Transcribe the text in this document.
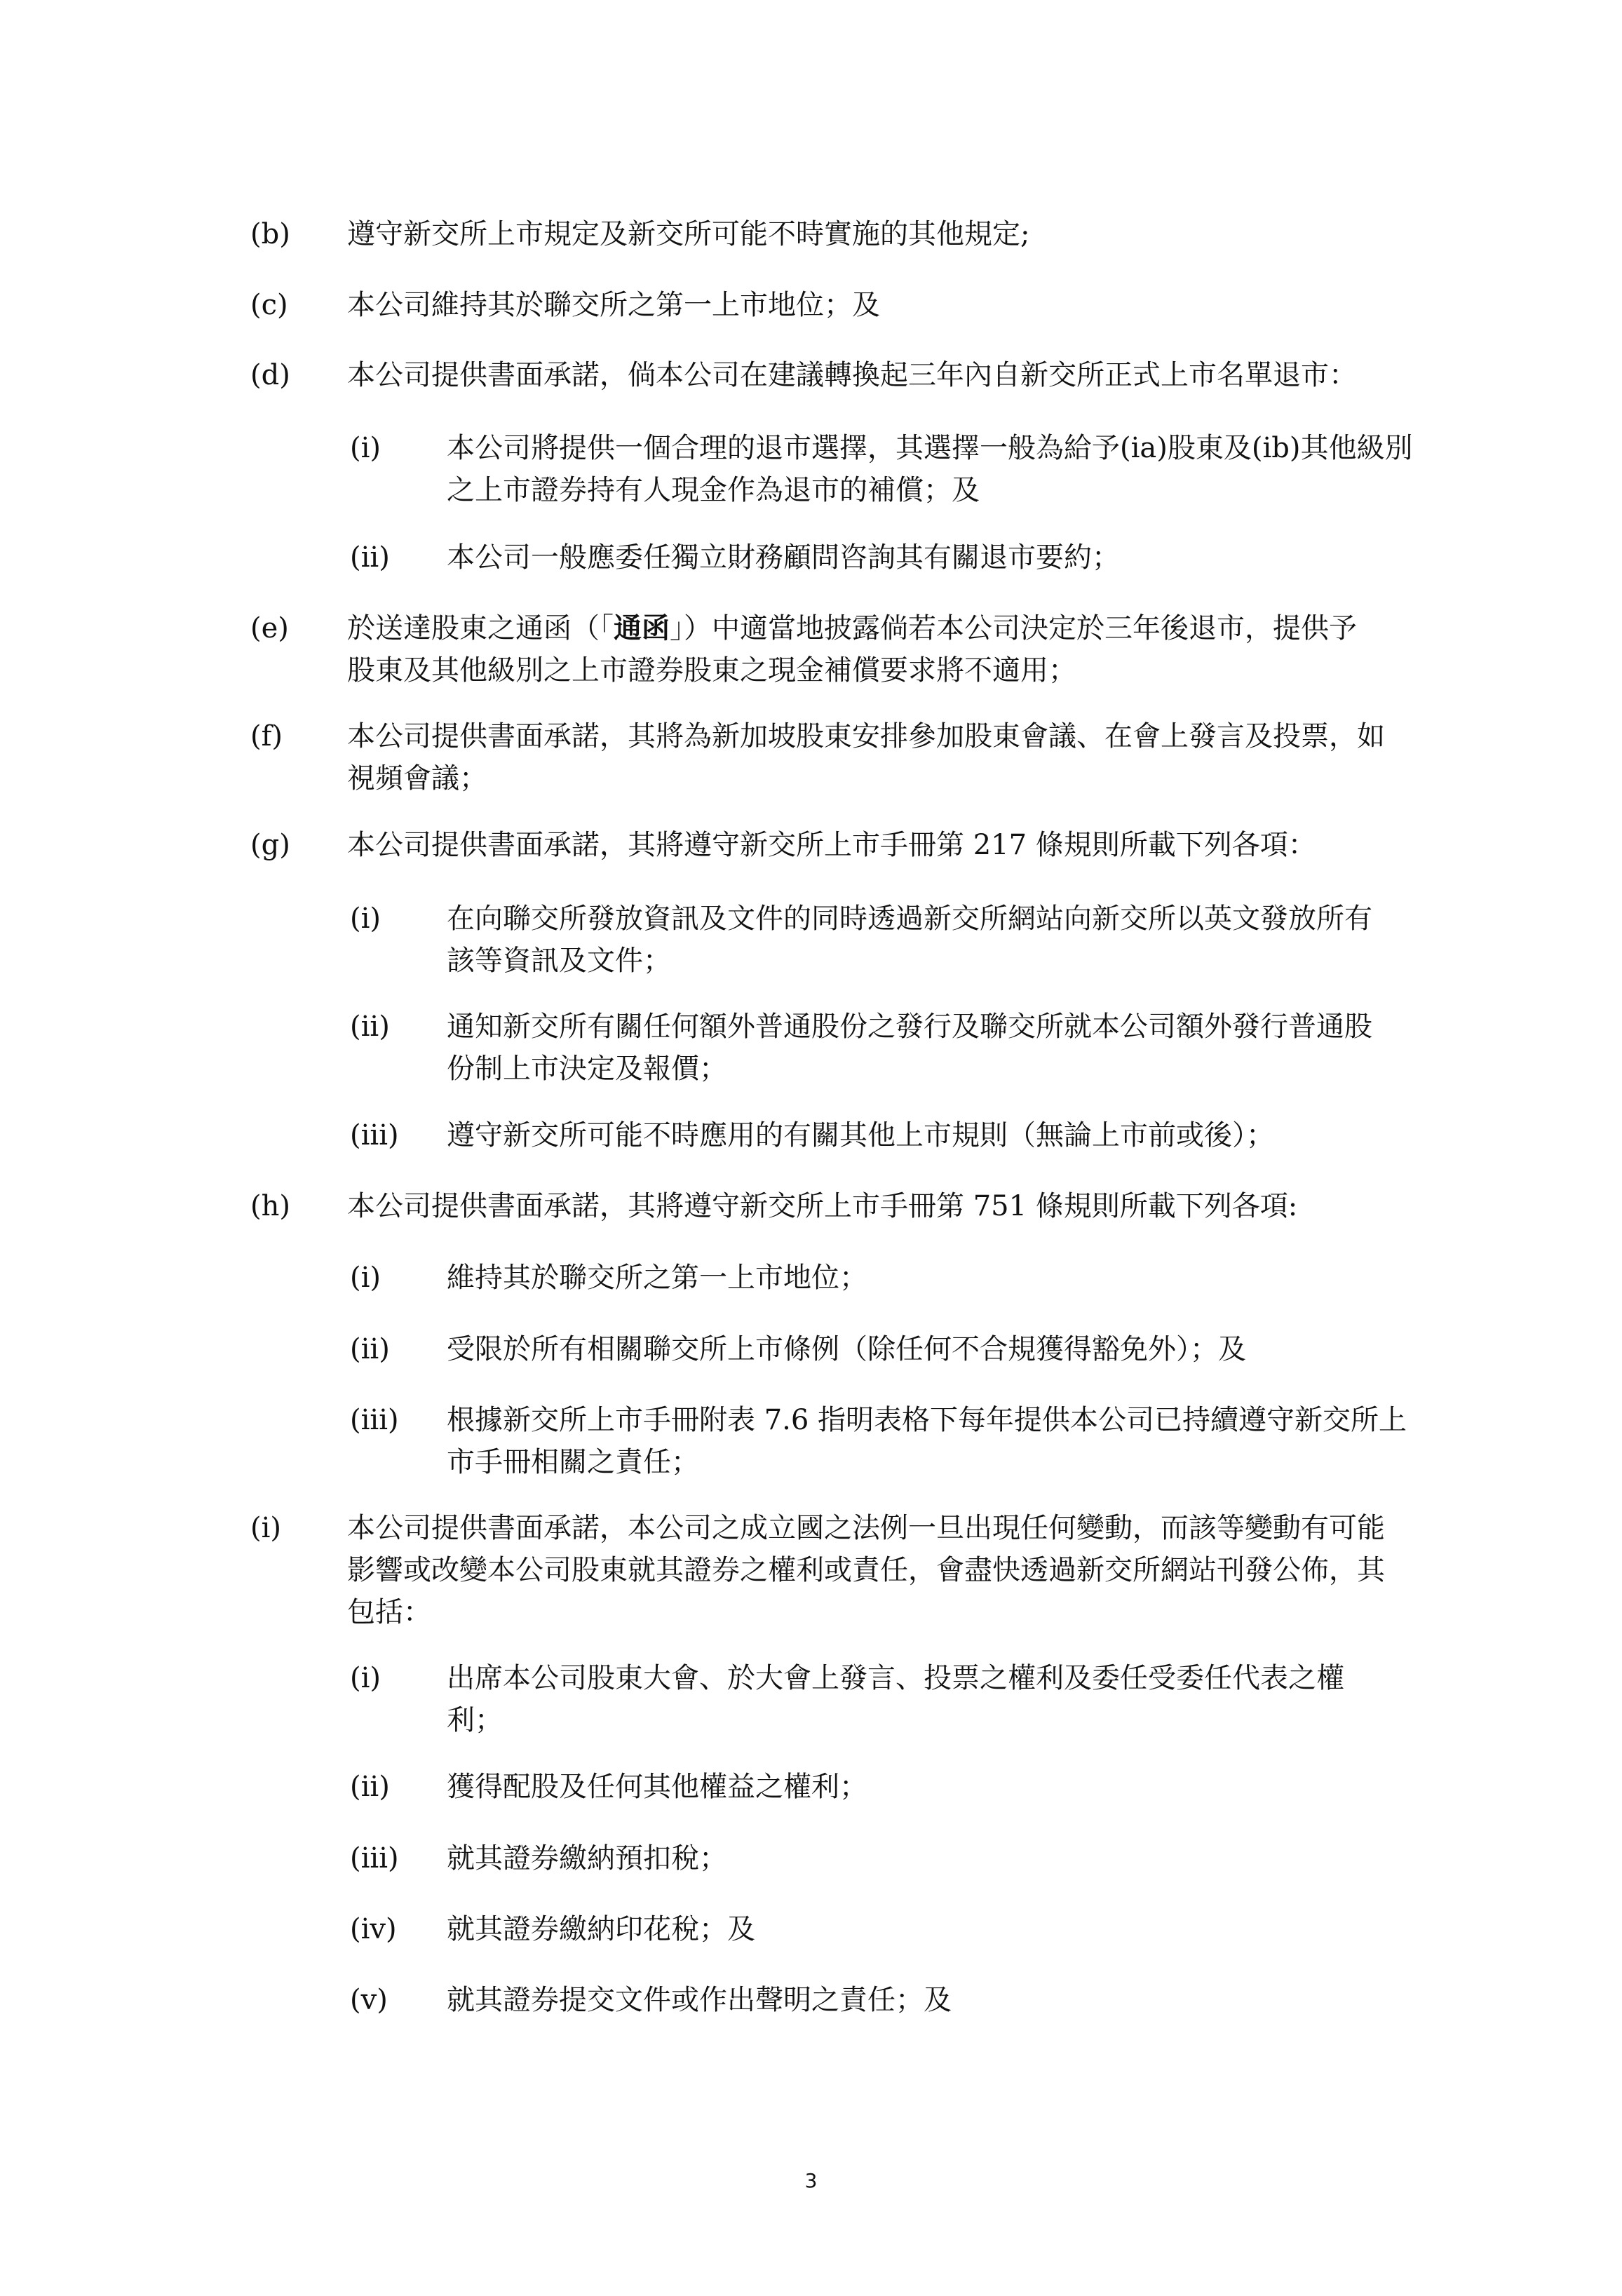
(b) 遵守新交所上市規定及新交所可能不時實施的其他規定;
(c) 本公司維持其於聯交所之第一上市地位；及
(d) 本公司提供書面承諾，倘本公司在建議轉換起三年內自新交所正式上市名單退市：
(i) 本公司將提供一個合理的退市選擇，其選擇一般為給予(ia)股東及(ib)其他級別
之上市證券持有人現金作為退市的補償；及
(ii) 本公司一般應委任獨立財務顧問咨詢其有關退市要約；
(e) 於送達股東之通函（「通函」）中適當地披露倘若本公司決定於三年後退市，提供予
股東及其他級別之上市證券股東之現金補償要求將不適用；
(f) 本公司提供書面承諾，其將為新加坡股東安排參加股東會議、在會上發言及投票，如
視頻會議；
(g) 本公司提供書面承諾，其將遵守新交所上市手冊第 217 條規則所載下列各項：
(i) 在向聯交所發放資訊及文件的同時透過新交所網站向新交所以英文發放所有
該等資訊及文件；
(ii) 通知新交所有關任何額外普通股份之發行及聯交所就本公司額外發行普通股
份制上市決定及報價；
(iii) 遵守新交所可能不時應用的有關其他上市規則（無論上市前或後）；
(h) 本公司提供書面承諾，其將遵守新交所上市手冊第 751 條規則所載下列各項:
(i) 維持其於聯交所之第一上市地位；
(ii) 受限於所有相關聯交所上市條例（除任何不合規獲得豁免外）；及
(iii) 根據新交所上市手冊附表 7.6 指明表格下每年提供本公司已持續遵守新交所上
市手冊相關之責任；
(i) 本公司提供書面承諾，本公司之成立國之法例一旦出現任何變動，而該等變動有可能
影響或改變本公司股東就其證券之權利或責任，會盡快透過新交所網站刊發公佈，其
包括：
(i) 出席本公司股東大會、於大會上發言、投票之權利及委任受委任代表之權
利；
(ii) 獲得配股及任何其他權益之權利；
(iii) 就其證券繳納預扣稅；
(iv) 就其證券繳納印花稅；及
(v) 就其證券提交文件或作出聲明之責任；及
3
